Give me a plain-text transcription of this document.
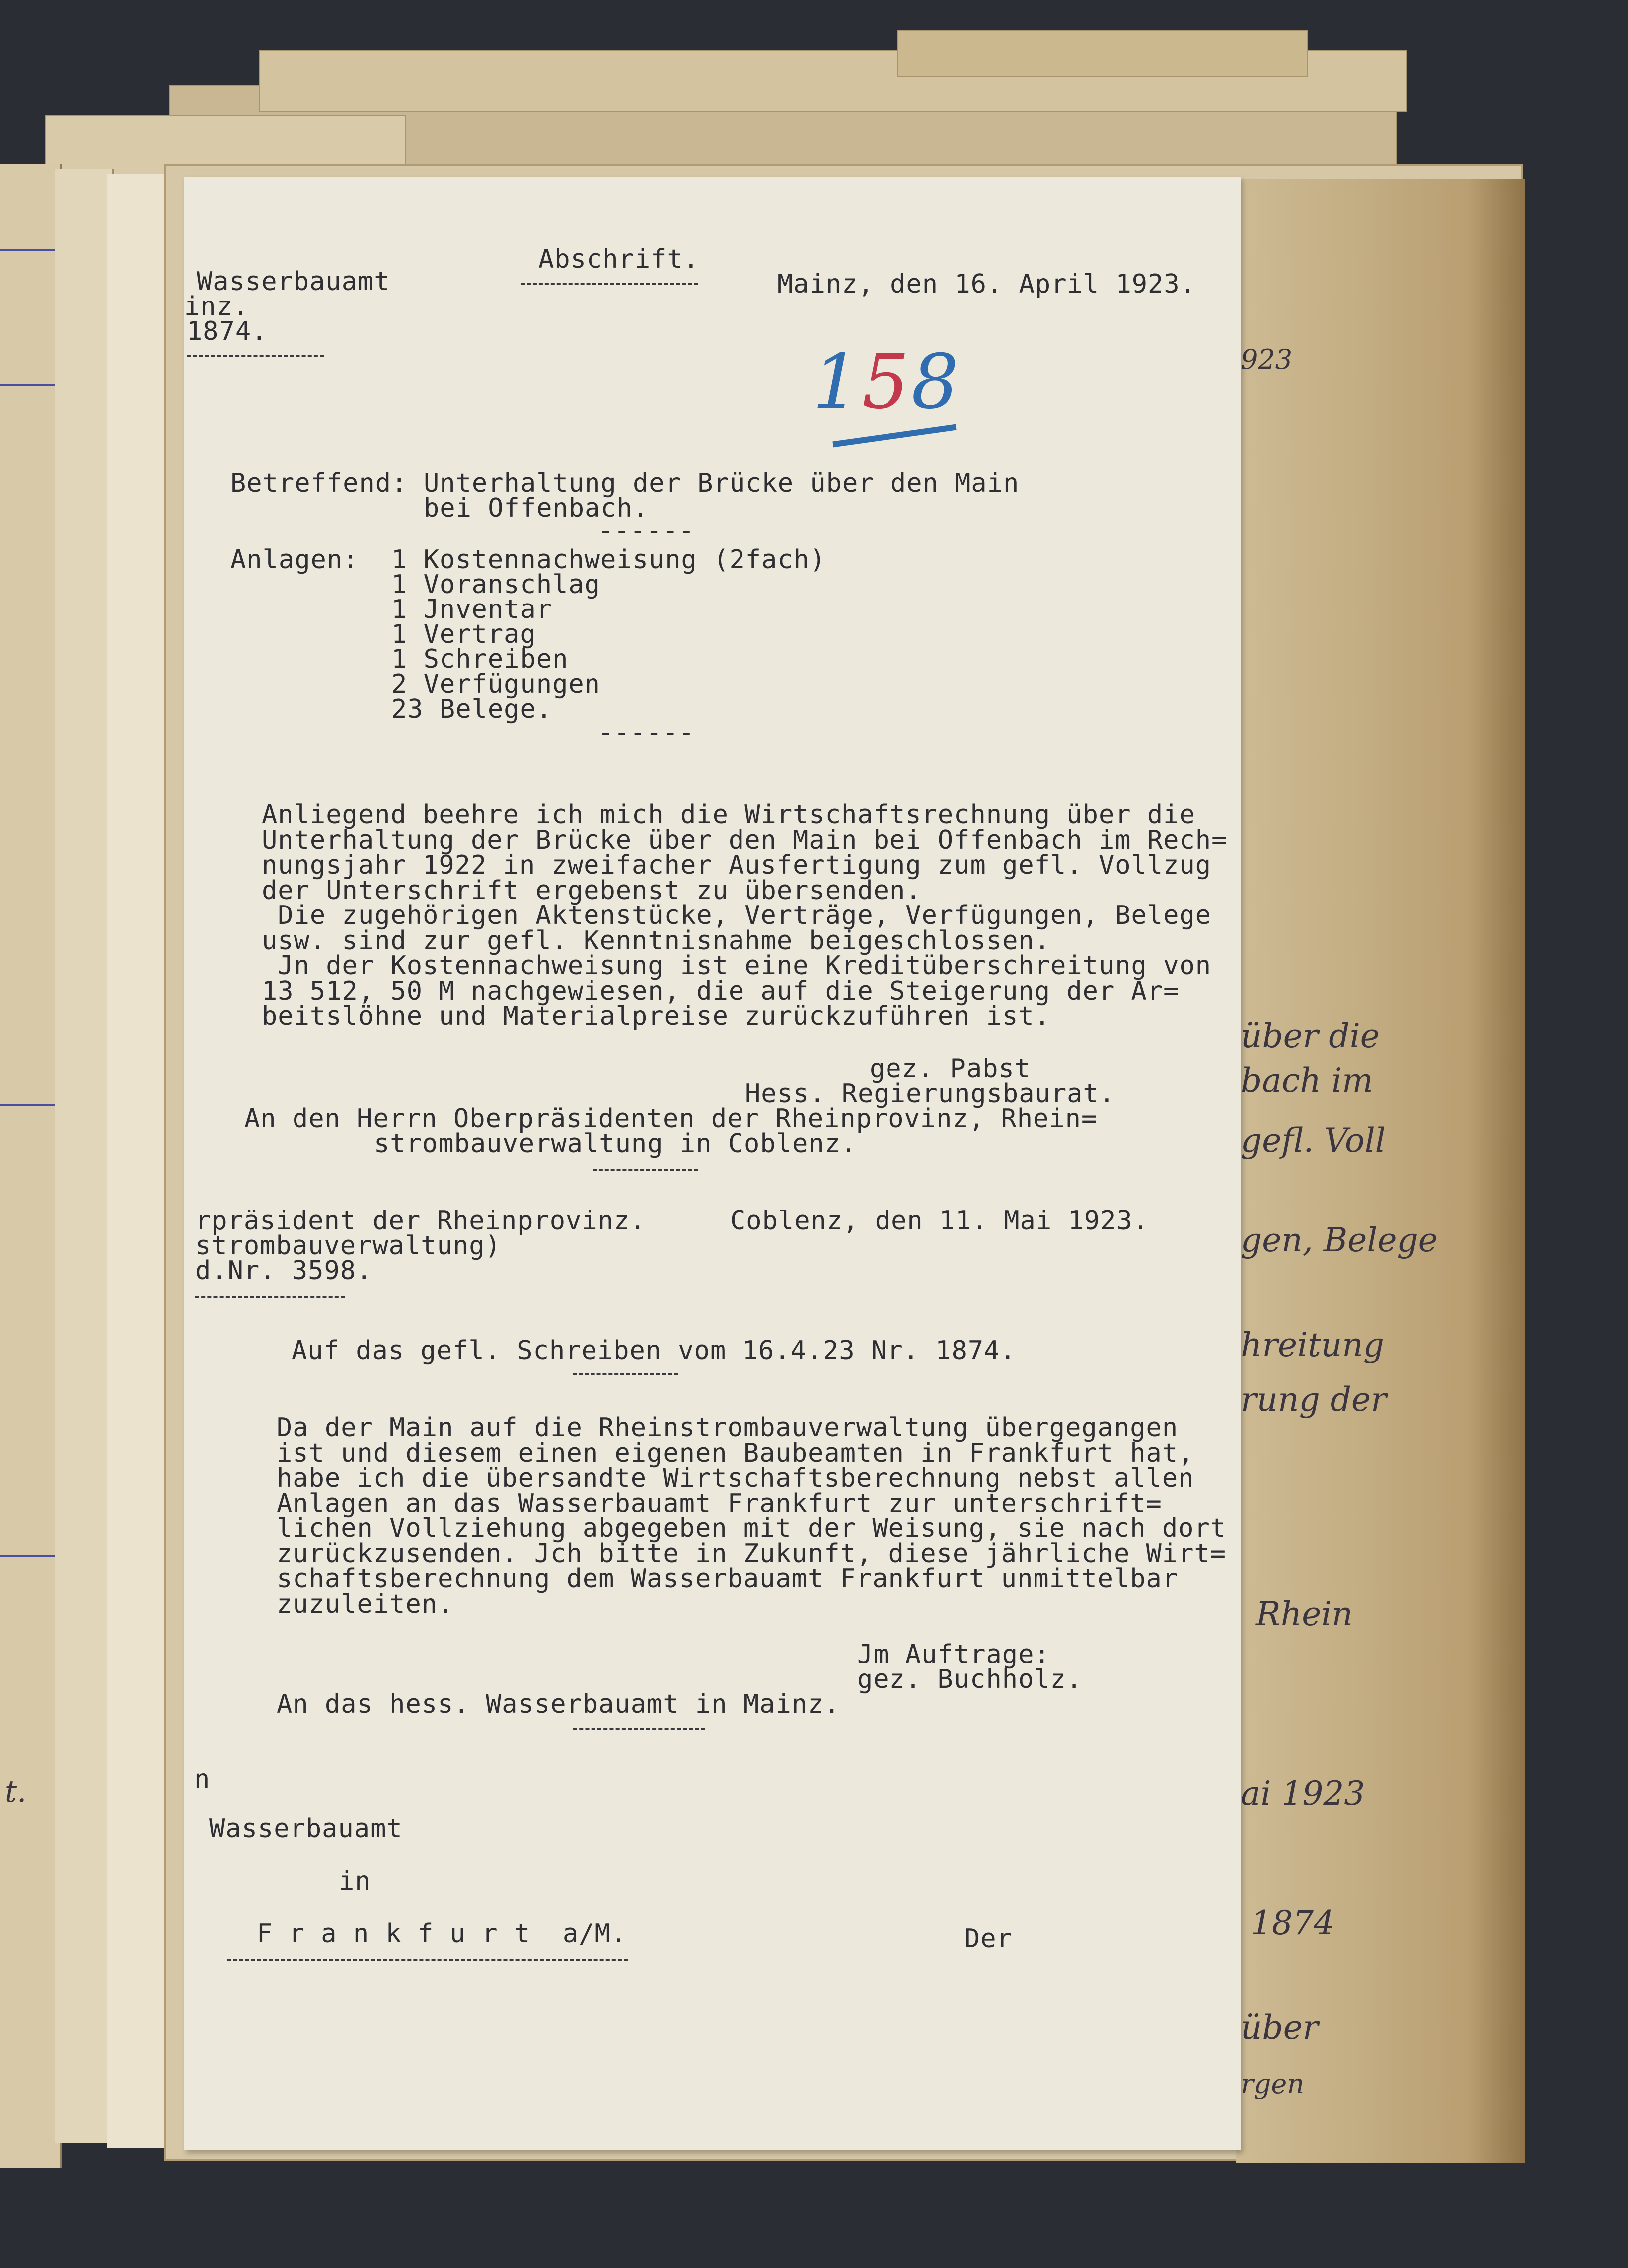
t.
923
über die
bach im
gefl. Voll
gen, Belege
hreitung
rung der
Rhein
ai 1923
1874
über
rgen
Wasserbauamt
inz.
1874.
Abschrift.
Mainz, den 16. April 1923.
158
Betreffend: Unterhaltung der Brücke über den Main
bei Offenbach.
------
Anlagen: 1 Kostennachweisung (2fach)
1 Voranschlag
1 Jnventar
1 Vertrag
1 Schreiben
2 Verfügungen
23 Belege.
------
Anliegend beehre ich mich die Wirtschaftsrechnung über die
Unterhaltung der Brücke über den Main bei Offenbach im Rech=
nungsjahr 1922 in zweifacher Ausfertigung zum gefl. Vollzug
der Unterschrift ergebenst zu übersenden.
Die zugehörigen Aktenstücke, Verträge, Verfügungen, Belege
usw. sind zur gefl. Kenntnisnahme beigeschlossen.
Jn der Kostennachweisung ist eine Kreditüberschreitung von
13 512, 50 M nachgewiesen, die auf die Steigerung der Ar=
beitslöhne und Materialpreise zurückzuführen ist.
gez. Pabst
Hess. Regierungsbaurat.
An den Herrn Oberpräsidenten der Rheinprovinz, Rhein=
strombauverwaltung in Coblenz.
rpräsident der Rheinprovinz.
strombauverwaltung)
d.Nr. 3598.
Coblenz, den 11. Mai 1923.
Auf das gefl. Schreiben vom 16.4.23 Nr. 1874.
Da der Main auf die Rheinstrombauverwaltung übergegangen
ist und diesem einen eigenen Baubeamten in Frankfurt hat,
habe ich die übersandte Wirtschaftsberechnung nebst allen
Anlagen an das Wasserbauamt Frankfurt zur unterschrift=
lichen Vollziehung abgegeben mit der Weisung, sie nach dort
zurückzusenden. Jch bitte in Zukunft, diese jährliche Wirt=
schaftsberechnung dem Wasserbauamt Frankfurt unmittelbar
zuzuleiten.
Jm Auftrage:
gez. Buchholz.
An das hess. Wasserbauamt in Mainz.
n
Wasserbauamt
in
F r a n k f u r t  a/M.	Der
